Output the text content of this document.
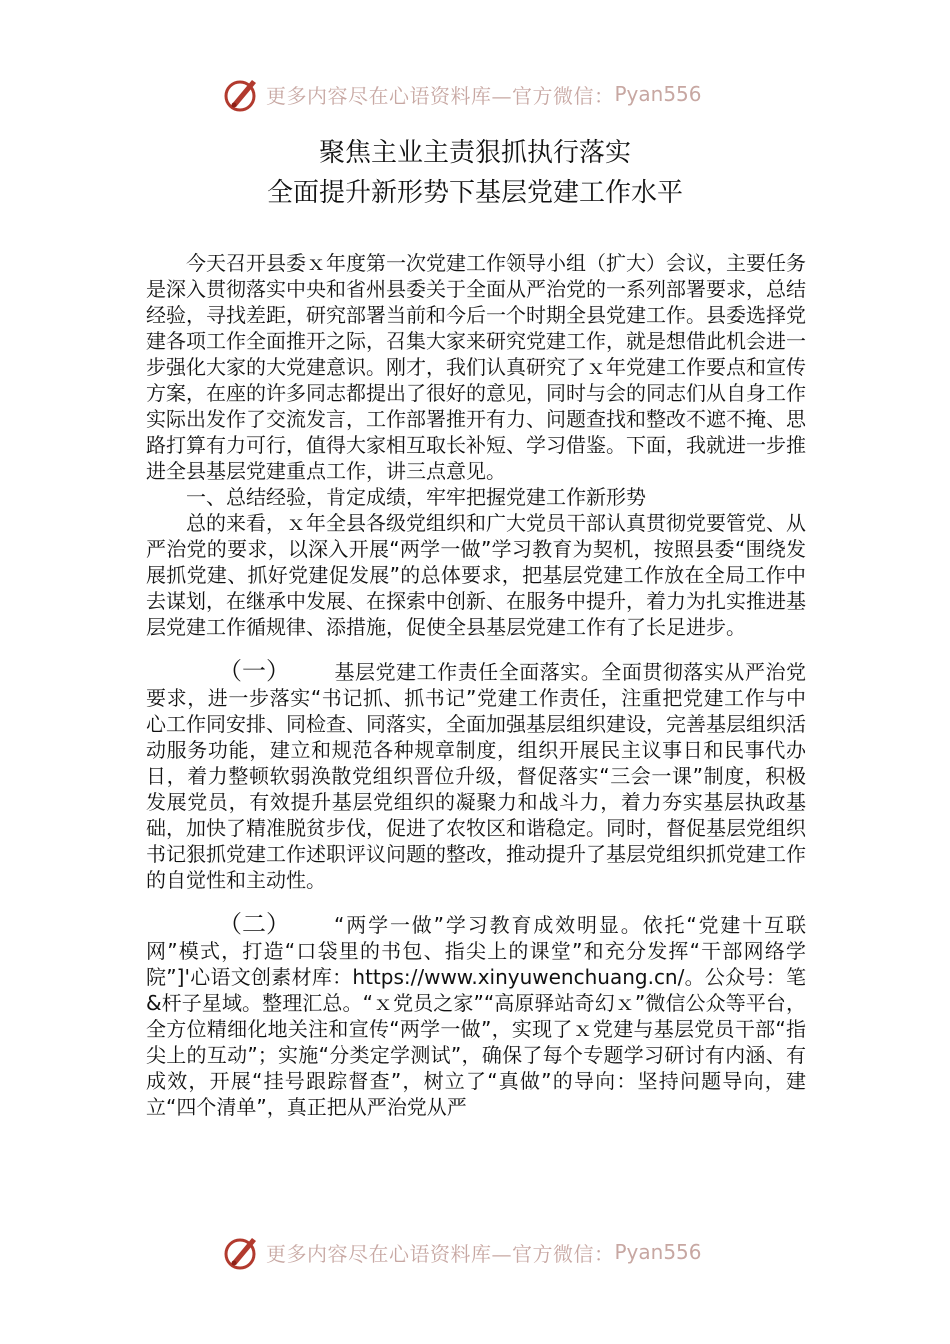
更多内容尽在心语资料库—官方微信： Pyan556
聚焦主业主责狠抓执行落实
全面提升新形势下基层党建工作水平

今天召开县委ｘ年度第一次党建工作领导小组（扩大）会议，主要任务是深入贯彻落实中央和省州县委关于全面从严治党的一系列部署要求，总结经验，寻找差距，研究部署当前和今后一个时期全县党建工作。县委选择党建各项工作全面推开之际，召集大家来研究党建工作，就是想借此机会进一步强化大家的大党建意识。刚才，我们认真研究了ｘ年党建工作要点和宣传方案，在座的许多同志都提出了很好的意见，同时与会的同志们从自身工作实际出发作了交流发言，工作部署推开有力、问题查找和整改不遮不掩、思路打算有力可行，值得大家相互取长补短、学习借鉴。下面，我就进一步推进全县基层党建重点工作，讲三点意见。

一、总结经验，肯定成绩，牢牢把握党建工作新形势

总的来看，ｘ年全县各级党组织和广大党员干部认真贯彻党要管党、从严治党的要求，以深入开展“两学一做”学习教育为契机，按照县委“围绕发展抓党建、抓好党建促发展”的总体要求，把基层党建工作放在全局工作中去谋划，在继承中发展、在探索中创新、在服务中提升，着力为扎实推进基层党建工作循规律、添措施，促使全县基层党建工作有了长足进步。

（一） 基层党建工作责任全面落实。全面贯彻落实从严治党要求，进一步落实“书记抓、抓书记”党建工作责任，注重把党建工作与中心工作同安排、同检查、同落实，全面加强基层组织建设，完善基层组织活动服务功能，建立和规范各种规章制度，组织开展民主议事日和民事代办日，着力整顿软弱涣散党组织晋位升级，督促落实“三会一课”制度，积极发展党员，有效提升基层党组织的凝聚力和战斗力，着力夯实基层执政基础，加快了精准脱贫步伐，促进了农牧区和谐稳定。同时，督促基层党组织书记狠抓党建工作述职评议问题的整改，推动提升了基层党组织抓党建工作的自觉性和主动性。

（二） “两学一做”学习教育成效明显。依托“党建十互联网”模式，打造“口袋里的书包、指尖上的课堂”和充分发挥“干部网络学院”]'心语文创素材库：https://www.xinyuwenchuang.cn/。公众号：笔&杆子星域。整理汇总。“ｘ党员之家”“高原驿站奇幻ｘ”微信公众等平台，全方位精细化地关注和宣传“两学一做”，实现了ｘ党建与基层党员干部“指尖上的互动”；实施“分类定学测试”，确保了每个专题学习研讨有内涵、有成效，开展“挂号跟踪督查”，树立了“真做”的导向：坚持问题导向，建立“四个清单”，真正把从严治党从严

更多内容尽在心语资料库—官方微信： Pyan556
